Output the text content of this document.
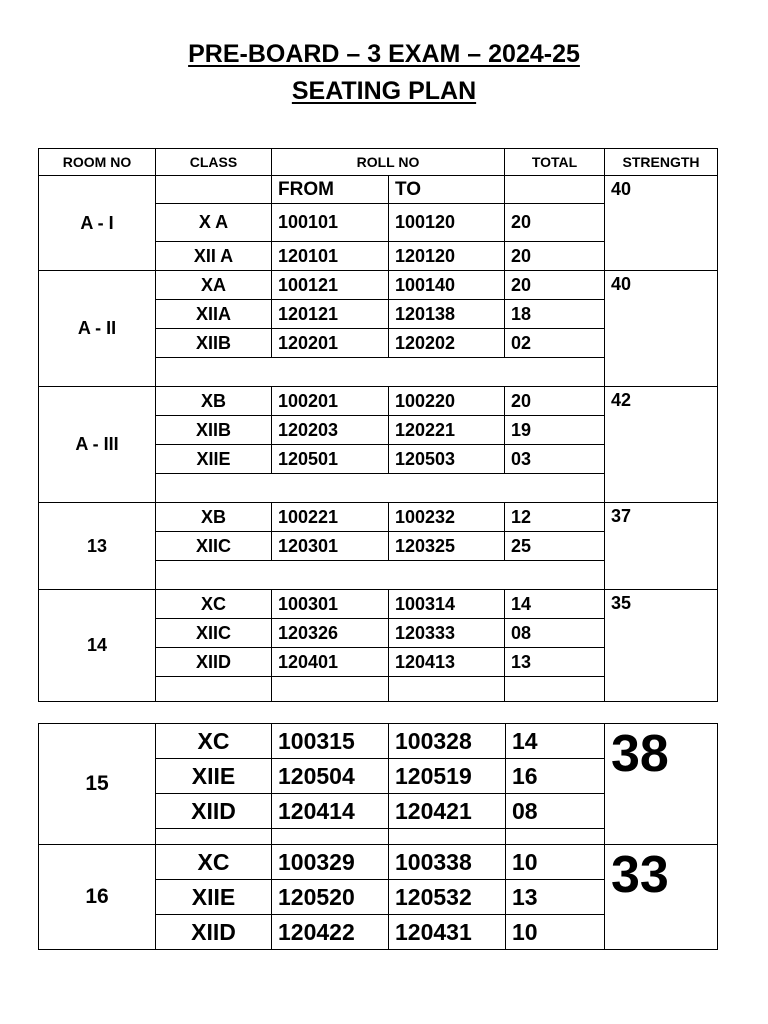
PRE-BOARD – 3 EXAM – 2024-25
SEATING PLAN
ROOM NO	CLASS	ROLL NO		TOTAL	STRENGTH
A - I		FROM	TO		40
	X A	100101	100120	20	
	XII A	120101	120120	20	
A - II	XA	100121	100140	20	40
	XIIA	120121	120138	18	
	XIIB	120201	120202	02	

A - III	XB	100201	100220	20	42
	XIIB	120203	120221	19	
	XIIE	120501	120503	03	

13	XB	100221	100232	12	37
	XIIC	120301	120325	25	

14	XC	100301	100314	14	35
	XIIC	120326	120333	08	
	XIID	120401	120413	13	

15	XC	100315	100328	14	38
	XIIE	120504	120519	16	
	XIID	120414	120421	08	

16	XC	100329	100338	10	33
	XIIE	120520	120532	13	
	XIID	120422	120431	10	
